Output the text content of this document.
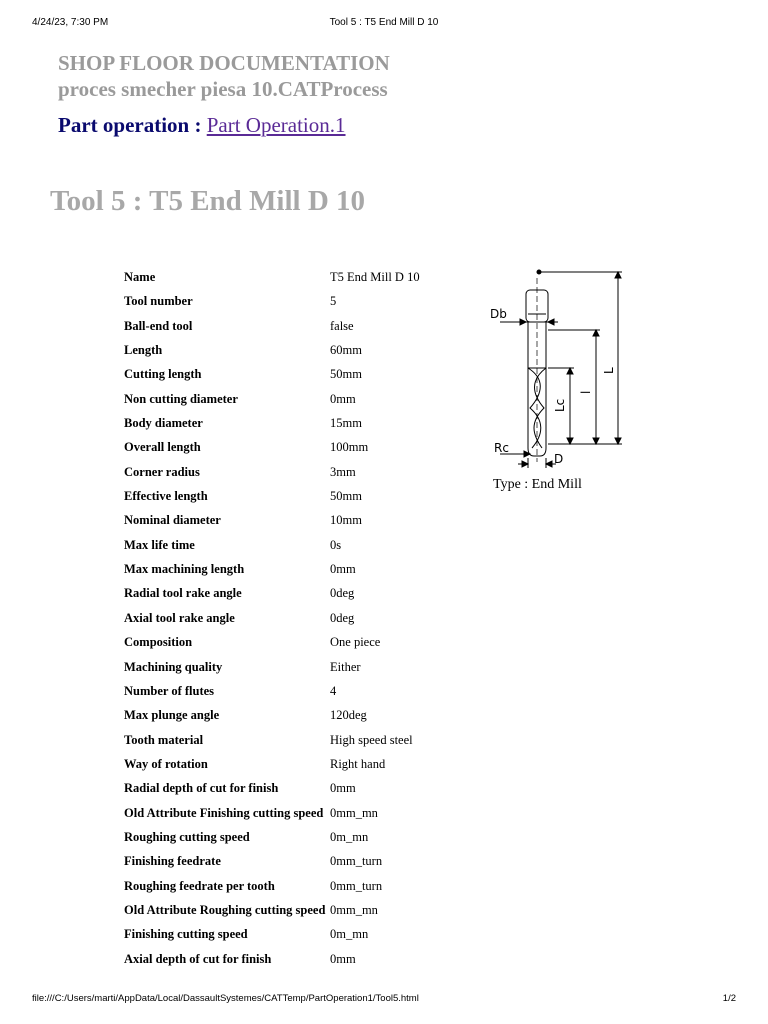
4/24/23, 7:30 PM	Tool 5 : T5 End Mill D 10
SHOP FLOOR DOCUMENTATION
proces smecher piesa 10.CATProcess
Part operation : Part Operation.1
Tool 5 : T5 End Mill D 10
Name	T5 End Mill D 10
Tool number	5
Ball-end tool	false
Length	60mm
Cutting length	50mm
Non cutting diameter	0mm
Body diameter	15mm
Overall length	100mm
Corner radius	3mm
Effective length	50mm
Nominal diameter	10mm
Max life time	0s
Max machining length	0mm
Radial tool rake angle	0deg
Axial tool rake angle	0deg
Composition	One piece
Machining quality	Either
Number of flutes	4
Max plunge angle	120deg
Tooth material	High speed steel
Way of rotation	Right hand
Radial depth of cut for finish	0mm
Old Attribute Finishing cutting speed 0mm_mn
Roughing cutting speed	0m_mn
Finishing feedrate	0mm_turn
Roughing feedrate per tooth	0mm_turn
Old Attribute Roughing cutting speed 0mm_mn
Finishing cutting speed	0m_mn
Axial depth of cut for finish	0mm
Db
Rc
D
Lc
l
L
Type : End Mill
file:///C:/Users/marti/AppData/Local/DassaultSystemes/CATTemp/PartOperation1/Tool5.html	1/2
